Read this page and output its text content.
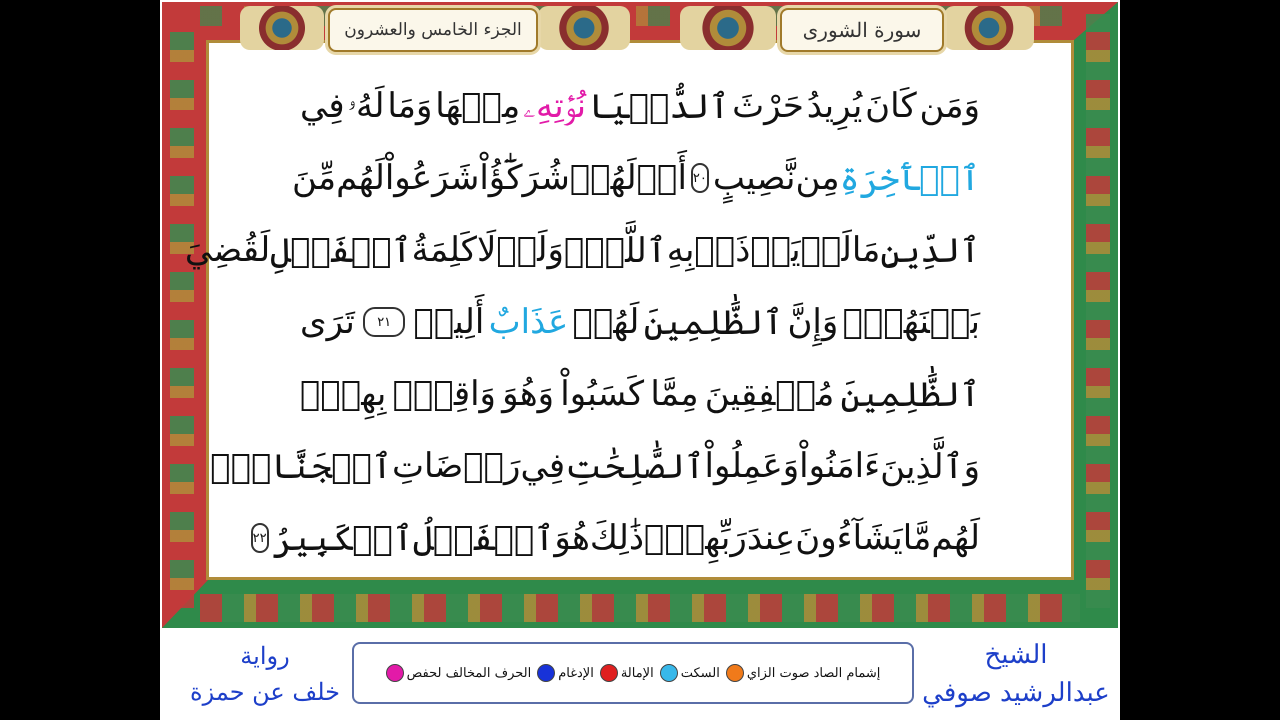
الجزء الخامس والعشرون	سورة الشورى
وَمَن
كَانَ
يُرِيدُ
حَرْثَ
ٱلدُّنۡيَا
نُؤۡتِهِۦ
مِنۡهَا
وَمَا
لَهُۥ
فِي
ٱلۡأٓخِرَةِ
مِن
نَّصِيبٍ
٢٠
أَمۡ
لَهُمۡ
شُرَكَٰٓؤُاْ
شَرَعُواْ
لَهُم
مِّنَ
ٱلدِّينِ
مَا
لَمۡ
يَأۡذَنۢ
بِهِ
ٱللَّهُۚ
وَلَوۡلَا
كَلِمَةُ
ٱلۡفَصۡلِ
لَقُضِيَ
بَيۡنَهُمۡۗ
وَإِنَّ
ٱلظَّٰلِمِينَ
لَهُمۡ
عَذَابٌ
أَلِيمٞ
٢١
تَرَى
ٱلظَّٰلِمِينَ
مُشۡفِقِينَ
مِمَّا
كَسَبُواْ
وَهُوَ
وَاقِعُۢ
بِهِمۡۗ
وَٱلَّذِينَ
ءَامَنُواْ
وَعَمِلُواْ
ٱلصَّٰلِحَٰتِ
فِي
رَوۡضَاتِ
ٱلۡجَنَّاتِۖ
لَهُم
مَّا
يَشَآءُونَ
عِندَ
رَبِّهِمۡۚ
ذَٰلِكَ
هُوَ
ٱلۡفَضۡلُ
ٱلۡكَبِيرُ
٢٢
رواية
خلف عن حمزة
الحرف المخالف لحفص الإدغام الإمالة السكت إشمام الصاد صوت الزاي
الشيخ
عبدالرشيد صوفي
